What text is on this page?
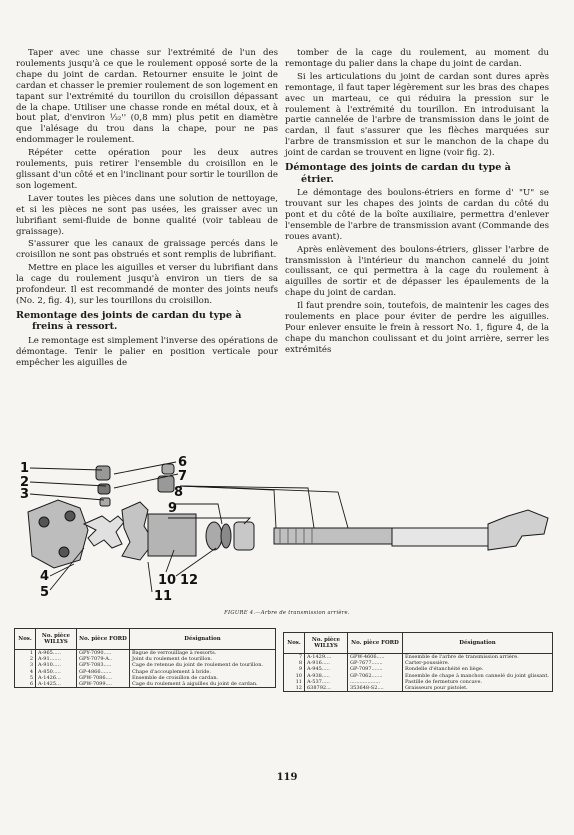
Taper avec une chasse sur l'extrémité de l'un des roulements jusqu'à ce que le roulement opposé sorte de la chape du joint de cardan. Retourner ensuite le joint de cardan et chasser le premier roulement de son logement en tapant sur l'extrémité du tourillon du croisillon dépassant de la chape. Utiliser une chasse ronde en métal doux, et à bout plat, d'environ ⅓₂'' (0,8 mm) plus petit en diamètre que l'alésage du trou dans la chape, pour ne pas endommager le roulement.

Répéter cette opération pour les deux autres roulements, puis retirer l'ensemble du croisillon en le glissant d'un côté et en l'inclinant pour sortir le tourillon de son logement.

Laver toutes les pièces dans une solution de nettoyage, et si les pièces ne sont pas usées, les graisser avec un lubrifiant semi-fluide de bonne qualité (voir tableau de graissage).

S'assurer que les canaux de graissage percés dans le croisillon ne sont pas obstrués et sont remplis de lubrifiant.

Mettre en place les aiguilles et verser du lubrifiant dans la cage du roulement jusqu'à environ un tiers de sa profondeur. Il est recommandé de monter des joints neufs (No. 2, fig. 4), sur les tourillons du croisillon.

Remontage des joints de cardan du type à
freins à ressort.

Le remontage est simplement l'inverse des opérations de démontage. Tenir le palier en position verticale pour empêcher les aiguilles de

tomber de la cage du roulement, au moment du remontage du palier dans la chape du joint de cardan.

Si les articulations du joint de cardan sont dures après remontage, il faut taper légèrement sur les bras des chapes avec un marteau, ce qui réduira la pression sur le roulement à l'extrémité du tourillon. En introduisant la partie cannelée de l'arbre de transmission dans le joint de cardan, il faut s'assurer que les flèches marquées sur l'arbre de transmission et sur le manchon de la chape du joint de cardan se trouvent en ligne (voir fig. 2).

Démontage des joints de cardan du type à
étrier.

Le démontage des boulons-étriers en forme d' "U" se trouvant sur les chapes des joints de cardan du côté du pont et du côté de la boîte auxiliaire, permettra d'enlever l'ensemble de l'arbre de transmission avant (Commande des roues avant).

Après enlèvement des boulons-étriers, glisser l'arbre de transmission à l'intérieur du manchon cannelé du joint coulissant, ce qui permettra à la cage du roulement à aiguilles de sortir et de dépasser les épaulements de la chape du joint de cardan.

Il faut prendre soin, toutefois, de maintenir les cages des roulements en place pour éviter de perdre les aiguilles. Pour enlever ensuite le frein à ressort No. 1, figure 4, de la chape du manchon coulissant et du joint arrière, serrer les extrémités

1
2
3
4
5
6
7
8
9
10
11
12
FIGURE 4.—Arbre de transmission arrière.
Nos.	No. pièce WILLYS	No. pièce FORD	Désignation
1	A-965.....	GPY-7090.....	Bague de verrouillage à ressorts.
2	A-91.......	GPY-7079-A..	Joint du roulement de tourillon.
3	A-910.....	GPY-7083.....	Cage de retenue du joint de roulement de tourillon.
4	A-850.....	GP-4866.......	Chape d'accouplement à bride.
5	A-1426...	GPW-7086....	Ensemble de croisillon de cardan.
6	A-1425...	GPW-7099....	Cage du roulement à aiguilles du joint de cardan.
Nos.	No. pièce WILLYS	No. pièce FORD	Désignation
7	A-1429....	GPW-4606.....	Ensemble de l'arbre de transmission arrière.
8	A-916.....	GP-7677.......	Carter-poussière.
9	A-945.....	GP-7097.......	Rondelle d'étanchéité en liège.
10	A-938.....	GP-7062.......	Ensemble de chape à manchon cannelé du joint glissant.
11	A-537.....	...................	Pastille de fermeture concave.
12	638792...	353648-S2....	Graisseurs pour pistolet.
119
